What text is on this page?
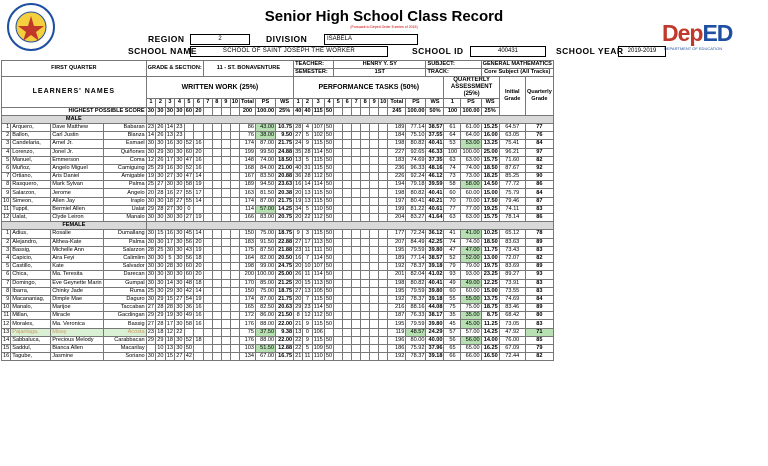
Senior High School Class Record
(Pursuant to Deped Order 8 series of 2015)
REGION	2	DIVISION	ISABELA
SCHOOL NAME	SCHOOL OF SAINT JOSEPH THE WORKER	SCHOOL ID	400431	SCHOOL YEAR 2019-2019
DepED
DEPARTMENT OF EDUCATION
FIRST QUARTER				GRADE & SECTION:						11 - ST. BONAVENTURE							TEACHER:				HENRY Y. SY								SUBJECT:			GENERAL MATHEMATICS		
																	SEMESTER:				1ST								TRACK:			Core Subject (All Tracks)		
LEARNERS' NAMES				WRITTEN WORK (25%)													PERFORMANCE TASKS (50%)													QUARTERLY ASSESSMENT (25%)			Initial Grade	Quarterly Grade
				1	2	3	4	5	6	7	8	9	10	Total	PS	WS	1	2	3	4	5	6	7	8	9	10	Total	PS	WS	1	PS	WS		
HIGHEST POSSIBLE SCORE				30	30	30	30	60	20					200	100.00	25%	40	40	115	50							245	100.00	50%	100	100.00	25%		
MALE																																		
1	Arquero,	Dave Matthew	Babaran	23	26	14	23							86	43.00	10.75	28	4	107	50							189	77.14	38.57	61	61.00	15.25	64.57	77
2	Ballon,	Carl Justin	Blanza	14	26	13	23							76	38.00	9.50	27	5	102	50							184	75.10	37.55	64	64.00	16.00	63.05	76
3	Candelaria,	Arnel Jr.	Esmael	30	30	16	30	52	16					174	87.00	21.75	24	9	115	50							198	80.82	40.41	53	53.00	13.25	75.41	84
4	Lorenzo,	Jonel Jr.	Quiñones	30	29	30	30	60	20					199	99.50	24.88	35	28	114	50							227	92.65	46.33	100	100.00	25.00	96.21	97
5	Manuel,	Emmerson	Coma	12	26	17	30	47	16					148	74.00	18.50	13	5	115	50							183	74.69	37.35	63	63.00	15.75	71.60	82
6	Muñoz,	Angelo Miguel	Camiguing	25	29	16	30	52	16					168	84.00	21.00	40	31	115	50							236	96.33	48.16	74	74.00	18.50	87.67	92
7	Ortiano,	Aris Daniel	Amigable	19	30	27	30	47	14					167	83.50	20.88	36	28	112	50							226	92.24	46.12	73	73.00	18.25	85.25	90
8	Rasquero,	Mark Sylvan	Palma	25	27	30	30	58	19					189	94.50	23.63	16	14	114	50							194	79.18	39.59	58	58.00	14.50	77.72	86
9	Salarzon,	Jerome	Angelo	20	28	16	27	55	17					163	81.50	20.38	20	13	115	50							198	80.82	40.41	60	60.00	15.00	75.79	84
10	Simeon,	Allen Jay	Iraplo	30	30	18	27	55	14					174	87.00	21.75	19	13	115	50							197	80.41	40.21	70	70.00	17.50	79.46	87
11	Tuppil,	Bermiel Allen	Ualat	29	28	27	30	0						114	57.00	14.25	34	5	110	50							199	81.22	40.61	77	77.00	19.25	74.11	83
12	Ualat,	Clyde Leiron	Manalo	30	30	30	30	27	19					166	83.00	20.75	20	22	112	50							204	83.27	41.64	63	63.00	15.75	78.14	86
FEMALE																																		
1	Adius,	Rosalie	Dumallang	30	15	16	30	45	14					150	75.00	18.75	9	3	115	50							177	72.24	36.12	41	41.00	10.25	65.12	78
2	Alejandro,	Althea-Kate	Palma	30	30	17	30	56	20					183	91.50	22.88	27	17	113	50							207	84.49	42.25	74	74.00	18.50	83.63	89
3	Bassig,	Michelle Ann	Salarzon	28	25	30	30	43	19					175	87.50	21.88	23	11	111	50							195	79.59	39.80	47	47.00	11.75	73.43	83
4	Capicio,	Aira Feyi	Calimlim	30	30	5	30	56	18					164	82.00	20.50	16	7	114	50							189	77.14	38.57	52	52.00	13.00	72.07	82
5	Castillo,	Kate	Salvador	30	30	28	30	60	20					198	99.00	24.75	20	10	107	50							192	78.37	39.18	79	79.00	19.75	83.69	89
6	Chica,	Ma. Teresita	Darecan	30	30	30	30	60	20					200	100.00	25.00	26	11	114	50							201	82.04	41.02	93	93.00	23.25	89.27	93
7	Domingo,	Eve Geynette Marin	Gumpal	30	30	14	30	48	18					170	85.00	21.25	20	15	113	50							198	80.82	40.41	49	49.00	12.25	73.91	83
8	Ibarra,	Chinky Jade	Ruma	25	30	29	30	42	14					150	75.00	18.75	27	13	105	50							195	79.59	39.80	60	60.00	15.00	73.55	83
9	Macananiag,	Dimple Mae	Daguro	30	29	15	27	54	19					174	87.00	21.75	20	7	115	50							192	78.37	39.18	55	55.00	13.75	74.69	84
10	Manalo,	Marijoe	Taccaban	27	28	28	30	36	16					165	82.50	20.63	29	23	114	50							216	88.16	44.08	75	75.00	18.75	83.46	89
11	Millan,	Miracle	Gacdingan	29	29	19	30	49	16					172	86.00	21.50	8	12	112	50							187	76.33	38.17	35	35.00	8.75	68.42	80
12	Morales,	Ma. Veronica	Bassig	27	28	17	30	58	16					176	88.00	22.00	21	9	115	50							195	79.59	39.80	45	45.00	11.25	73.05	83
13	Pajarilaga,	Missy	Acosta	23	18	12	22							75	37.50	9.38	13	0	106								119	48.57	24.29	57	57.00	14.25	47.92	71
14	Sabbaluca,	Precious Melody	Carabbacan	29	29	18	30	52	18					176	88.00	22.00	22	9	115	50							196	80.00	40.00	56	56.00	14.00	76.00	85
15	Saddul,	Bianca Allen	Macarilay		10	13	30	50						103	51.50	12.88	22	5	109	50							186	75.92	37.96	65	65.00	16.25	67.09	79
16	Tagube,	Jasmine	Soriano	30	20	15	27	42						134	67.00	16.75	21	11	110	50							192	78.37	39.18	66	66.00	16.50	72.44	82
